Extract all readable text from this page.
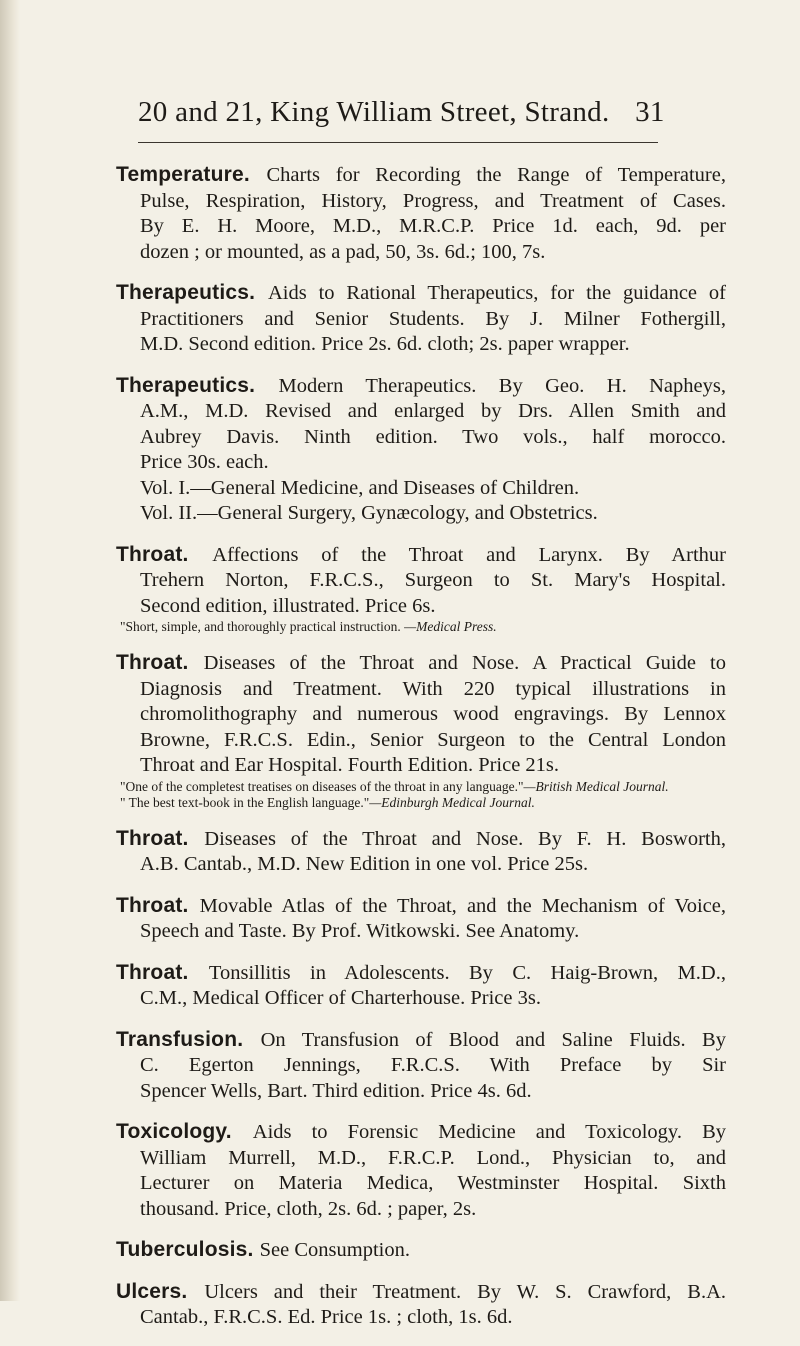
20 and 21, King William Street, Strand. 31
Temperature. Charts for Recording the Range of Temperature,
Pulse, Respiration, History, Progress, and Treatment of Cases.
By E. H. Moore, M.D., M.R.C.P. Price 1d. each, 9d. per
dozen ; or mounted, as a pad, 50, 3s. 6d.; 100, 7s.
Therapeutics. Aids to Rational Therapeutics, for the guidance of
Practitioners and Senior Students. By J. Milner Fothergill,
M.D. Second edition. Price 2s. 6d. cloth; 2s. paper wrapper.
Therapeutics. Modern Therapeutics. By Geo. H. Napheys,
A.M., M.D. Revised and enlarged by Drs. Allen Smith and
Aubrey Davis. Ninth edition. Two vols., half morocco.
Price 30s. each.
Vol. I.—General Medicine, and Diseases of Children.
Vol. II.—General Surgery, Gynæcology, and Obstetrics.
Throat. Affections of the Throat and Larynx. By Arthur
Trehern Norton, F.R.C.S., Surgeon to St. Mary's Hospital.
Second edition, illustrated. Price 6s.
"Short, simple, and thoroughly practical instruction. —Medical Press.
Throat. Diseases of the Throat and Nose. A Practical Guide to
Diagnosis and Treatment. With 220 typical illustrations in
chromolithography and numerous wood engravings. By Lennox
Browne, F.R.C.S. Edin., Senior Surgeon to the Central London
Throat and Ear Hospital. Fourth Edition. Price 21s.
"One of the completest treatises on diseases of the throat in any language."—British Medical Journal.
" The best text-book in the English language."—Edinburgh Medical Journal.
Throat. Diseases of the Throat and Nose. By F. H. Bosworth,
A.B. Cantab., M.D. New Edition in one vol. Price 25s.
Throat. Movable Atlas of the Throat, and the Mechanism of Voice,
Speech and Taste. By Prof. Witkowski. See Anatomy.
Throat. Tonsillitis in Adolescents. By C. Haig-Brown, M.D.,
C.M., Medical Officer of Charterhouse. Price 3s.
Transfusion. On Transfusion of Blood and Saline Fluids. By
C. Egerton Jennings, F.R.C.S. With Preface by Sir
Spencer Wells, Bart. Third edition. Price 4s. 6d.
Toxicology. Aids to Forensic Medicine and Toxicology. By
William Murrell, M.D., F.R.C.P. Lond., Physician to, and
Lecturer on Materia Medica, Westminster Hospital. Sixth
thousand. Price, cloth, 2s. 6d. ; paper, 2s.
Tuberculosis. See Consumption.
Ulcers. Ulcers and their Treatment. By W. S. Crawford, B.A.
Cantab., F.R.C.S. Ed. Price 1s. ; cloth, 1s. 6d.
